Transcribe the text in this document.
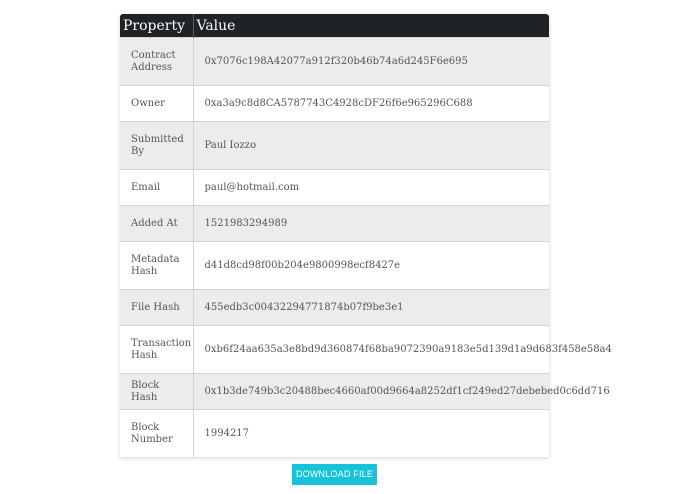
Property	Value
Contract Address	0x7076c198A42077a912f320b46b74a6d245F6e695
Owner	0xa3a9c8d8CA5787743C4928cDF26f6e965296C688
Submitted By	Paul Iozzo
Email	paul@hotmail.com
Added At	1521983294989
Metadata Hash	d41d8cd98f00b204e9800998ecf8427e
File Hash	455edb3c00432294771874b07f9be3e1
Transaction Hash	0xb6f24aa635a3e8bd9d360874f68ba9072390a9183e5d139d1a9d683f458e58a4
Block Hash	0x1b3de749b3c20488bec4660af00d9664a8252df1cf249ed27debebed0c6dd716
Block Number	1994217
DOWNLOAD FILE
